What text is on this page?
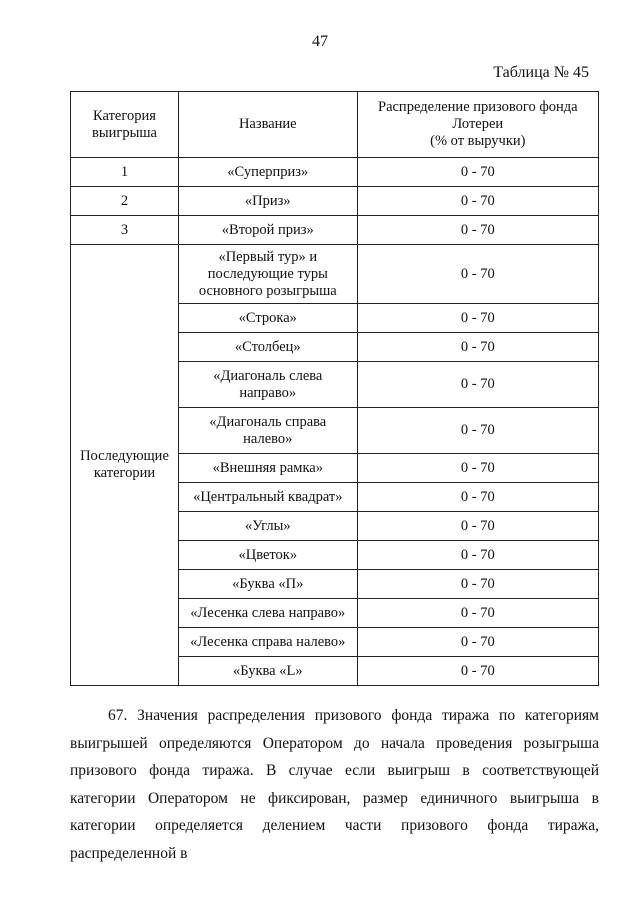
47
Таблица № 45
Категория
выигрыша	Название	Распределение призового фонда
Лотереи
(% от выручки)
1	«Суперприз»	0 - 70
2	«Приз»	0 - 70
3	«Второй приз»	0 - 70
Последующие
категории	«Первый тур» и
последующие туры
основного розыгрыша	0 - 70
	«Строка»	0 - 70
	«Столбец»	0 - 70
	«Диагональ слева
направо»	0 - 70
	«Диагональ справа
налево»	0 - 70
	«Внешняя рамка»	0 - 70
	«Центральный квадрат»	0 - 70
	«Углы»	0 - 70
	«Цветок»	0 - 70
	«Буква «П»	0 - 70
	«Лесенка слева направо»	0 - 70
	«Лесенка справа налево»	0 - 70
	«Буква «L»	0 - 70

67. Значения распределения призового фонда тиража по категориям выигрышей определяются Оператором до начала проведения розыгрыша призового фонда тиража. В случае если выигрыш в соответствующей категории Оператором не фиксирован, размер единичного выигрыша в категории определяется делением части призового фонда тиража, распределенной в
